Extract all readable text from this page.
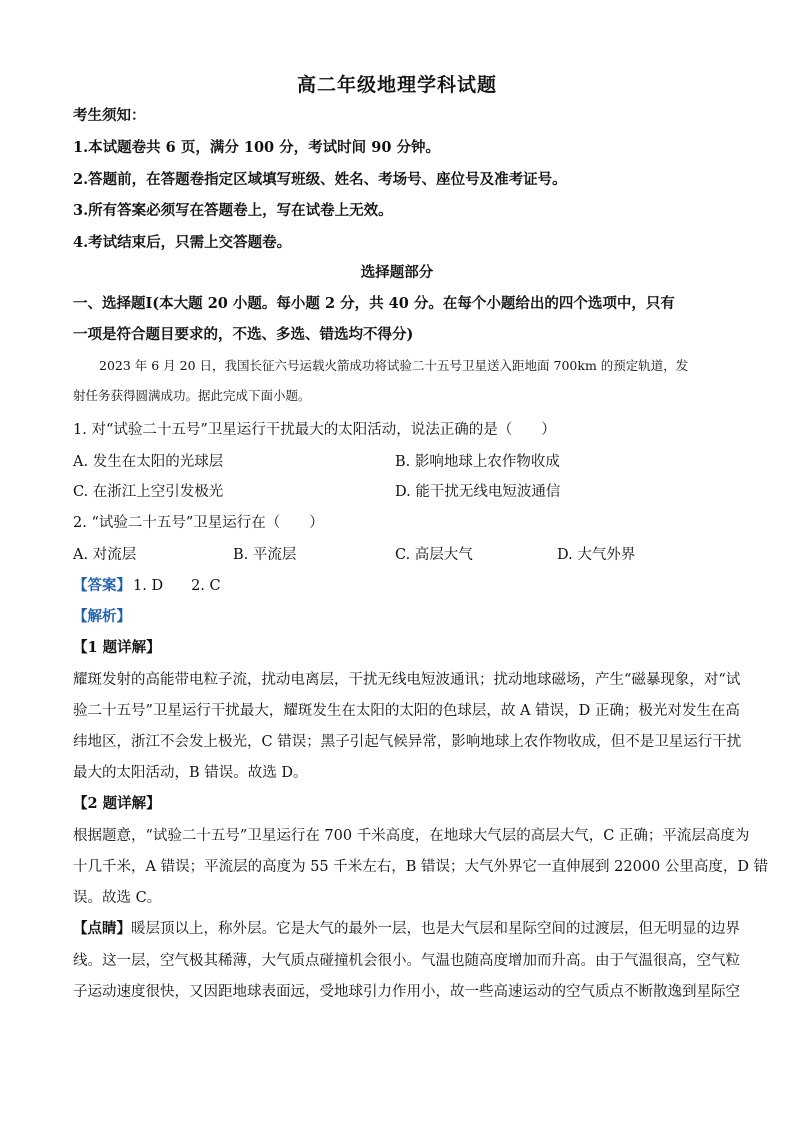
高二年级地理学科试题
考生须知：
1.本试题卷共 6 页，满分 100 分，考试时间 90 分钟。
2.答题前，在答题卷指定区域填写班级、姓名、考场号、座位号及准考证号。
3.所有答案必须写在答题卷上，写在试卷上无效。
4.考试结束后，只需上交答题卷。
选择题部分
一、选择题Ⅰ(本大题 20 小题。每小题 2 分，共 40 分。在每个小题给出的四个选项中，只有
一项是符合题目要求的，不选、多选、错选均不得分)
2023 年 6 月 20 日，我国长征六号运载火箭成功将试验二十五号卫星送入距地面 700km 的预定轨道，发
射任务获得圆满成功。据此完成下面小题。
1. 对“试验二十五号”卫星运行干扰最大的太阳活动，说法正确的是（　　）
A. 发生在太阳的光球层	B. 影响地球上农作物收成
C. 在浙江上空引发极光	D. 能干扰无线电短波通信
2. “试验二十五号”卫星运行在（　　）
A. 对流层	B. 平流层	C. 高层大气	D. 大气外界
【答案】 1. D 2. C
【解析】
【1 题详解】
耀斑发射的高能带电粒子流，扰动电离层，干扰无线电短波通讯；扰动地球磁场，产生“磁暴现象，对“试
验二十五号”卫星运行干扰最大，耀斑发生在太阳的太阳的色球层，故 A 错误，D 正确；极光对发生在高
纬地区，浙江不会发上极光，C 错误；黑子引起气候异常，影响地球上农作物收成，但不是卫星运行干扰
最大的太阳活动，B 错误。故选 D。
【2 题详解】
根据题意，“试验二十五号”卫星运行在 700 千米高度，在地球大气层的高层大气，C 正确；平流层高度为
十几千米，A 错误；平流层的高度为 55 千米左右，B 错误；大气外界它一直伸展到 22000 公里高度，D 错
误。故选 C。
【点睛】暖层顶以上，称外层。它是大气的最外一层，也是大气层和星际空间的过渡层，但无明显的边界
线。这一层，空气极其稀薄，大气质点碰撞机会很小。气温也随高度增加而升高。由于气温很高，空气粒
子运动速度很快，又因距地球表面远，受地球引力作用小，故一些高速运动的空气质点不断散逸到星际空
